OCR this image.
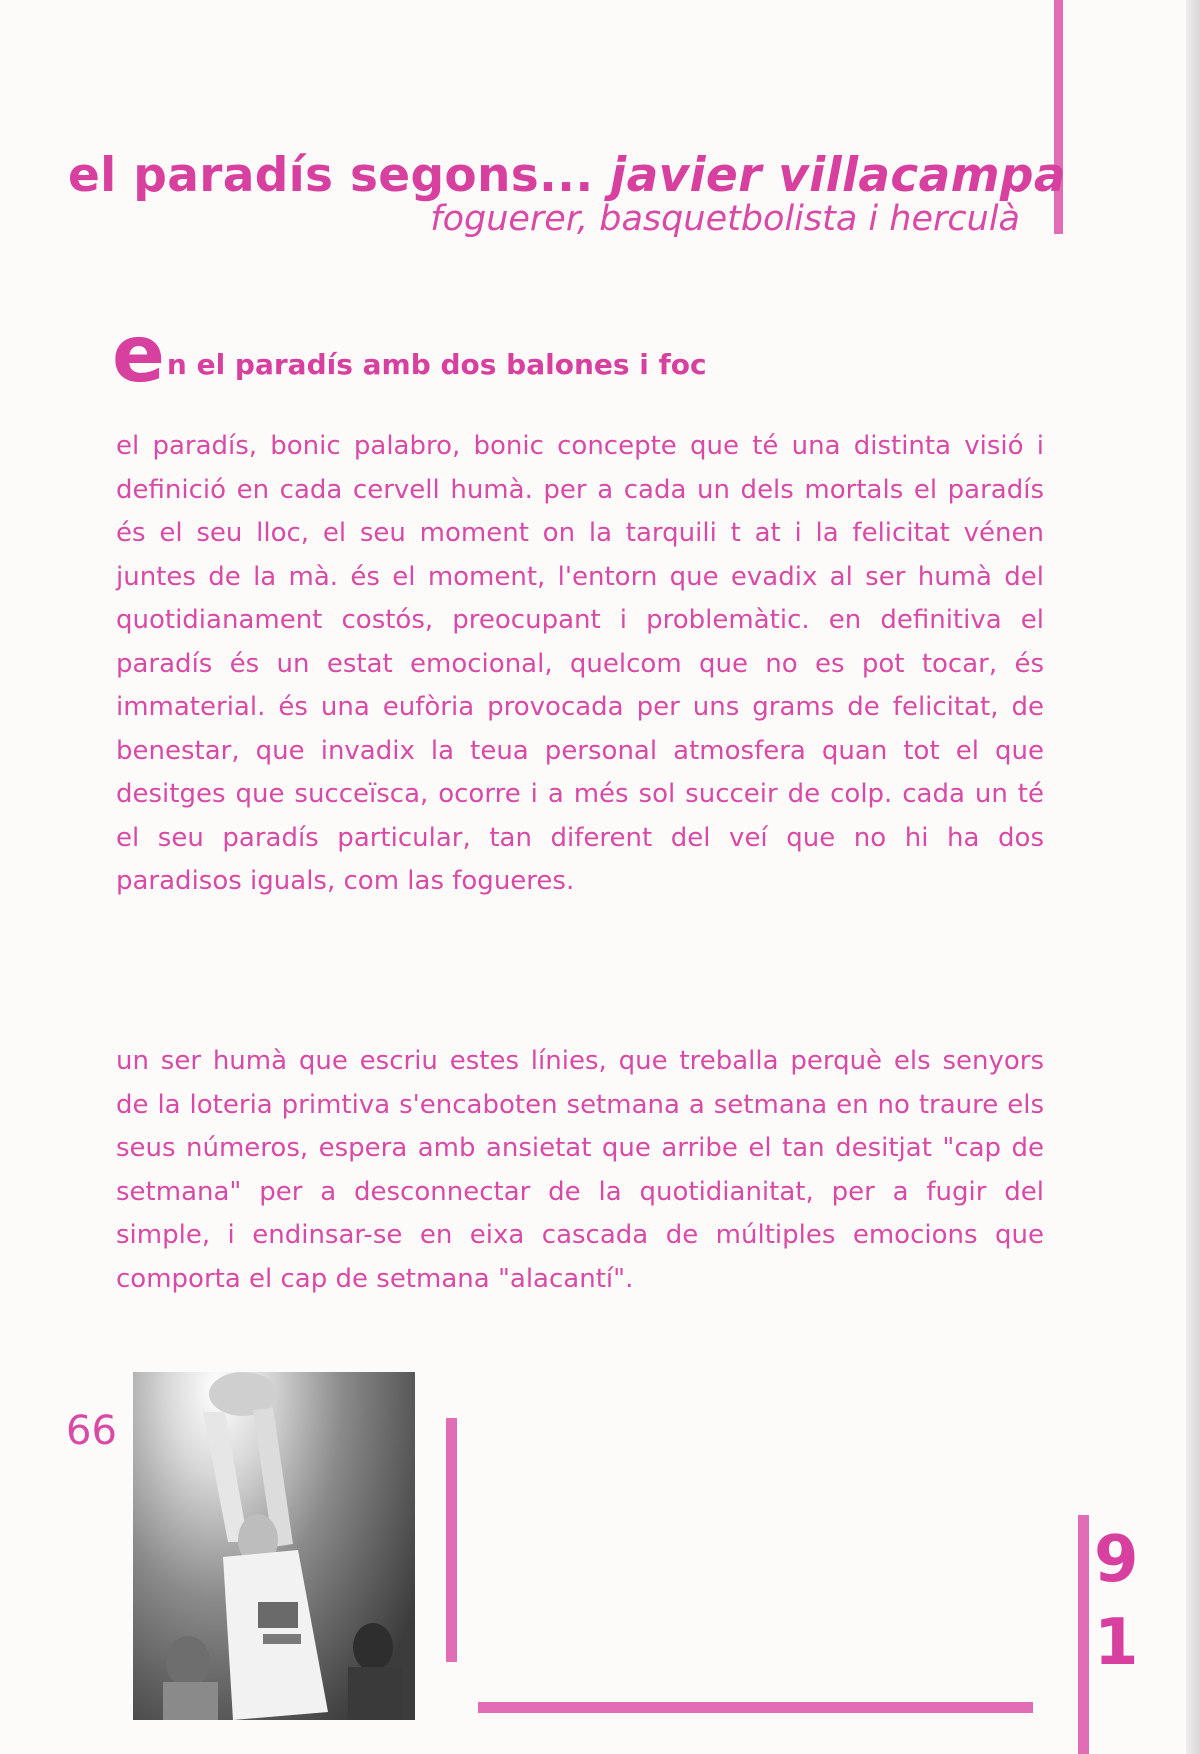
el paradís segons... javier villacampa
foguerer, basquetbolista i herculà
en el paradís amb dos balones i foc

el paradís, bonic palabro, bonic concepte que té una distinta visió i definició en cada cervell humà. per a cada un dels mortals el paradís és el seu lloc, el seu moment on la tarquili t at i la felicitat vénen juntes de la mà. és el moment, l'entorn que evadix al ser humà del quotidianament costós, preocupant i problemàtic. en definitiva el paradís és un estat emocional, quelcom que no es pot tocar, és immaterial. és una eufòria provocada per uns grams de felicitat, de benestar, que invadix la teua personal atmosfera quan tot el que desitges que succeïsca, ocorre i a més sol succeir de colp. cada un té el seu paradís particular, tan diferent del veí que no hi ha dos paradisos iguals, com las fogueres.

un ser humà que escriu estes línies, que treballa perquè els senyors de la loteria primtiva s'encaboten setmana a setmana en no traure els seus números, espera amb ansietat que arribe el tan desitjat "cap de setmana" per a desconnectar de la quotidianitat, per a fugir del simple, i endinsar-se en eixa cascada de múltiples emocions que comporta el cap de setmana "alacantí".

66
9
1
